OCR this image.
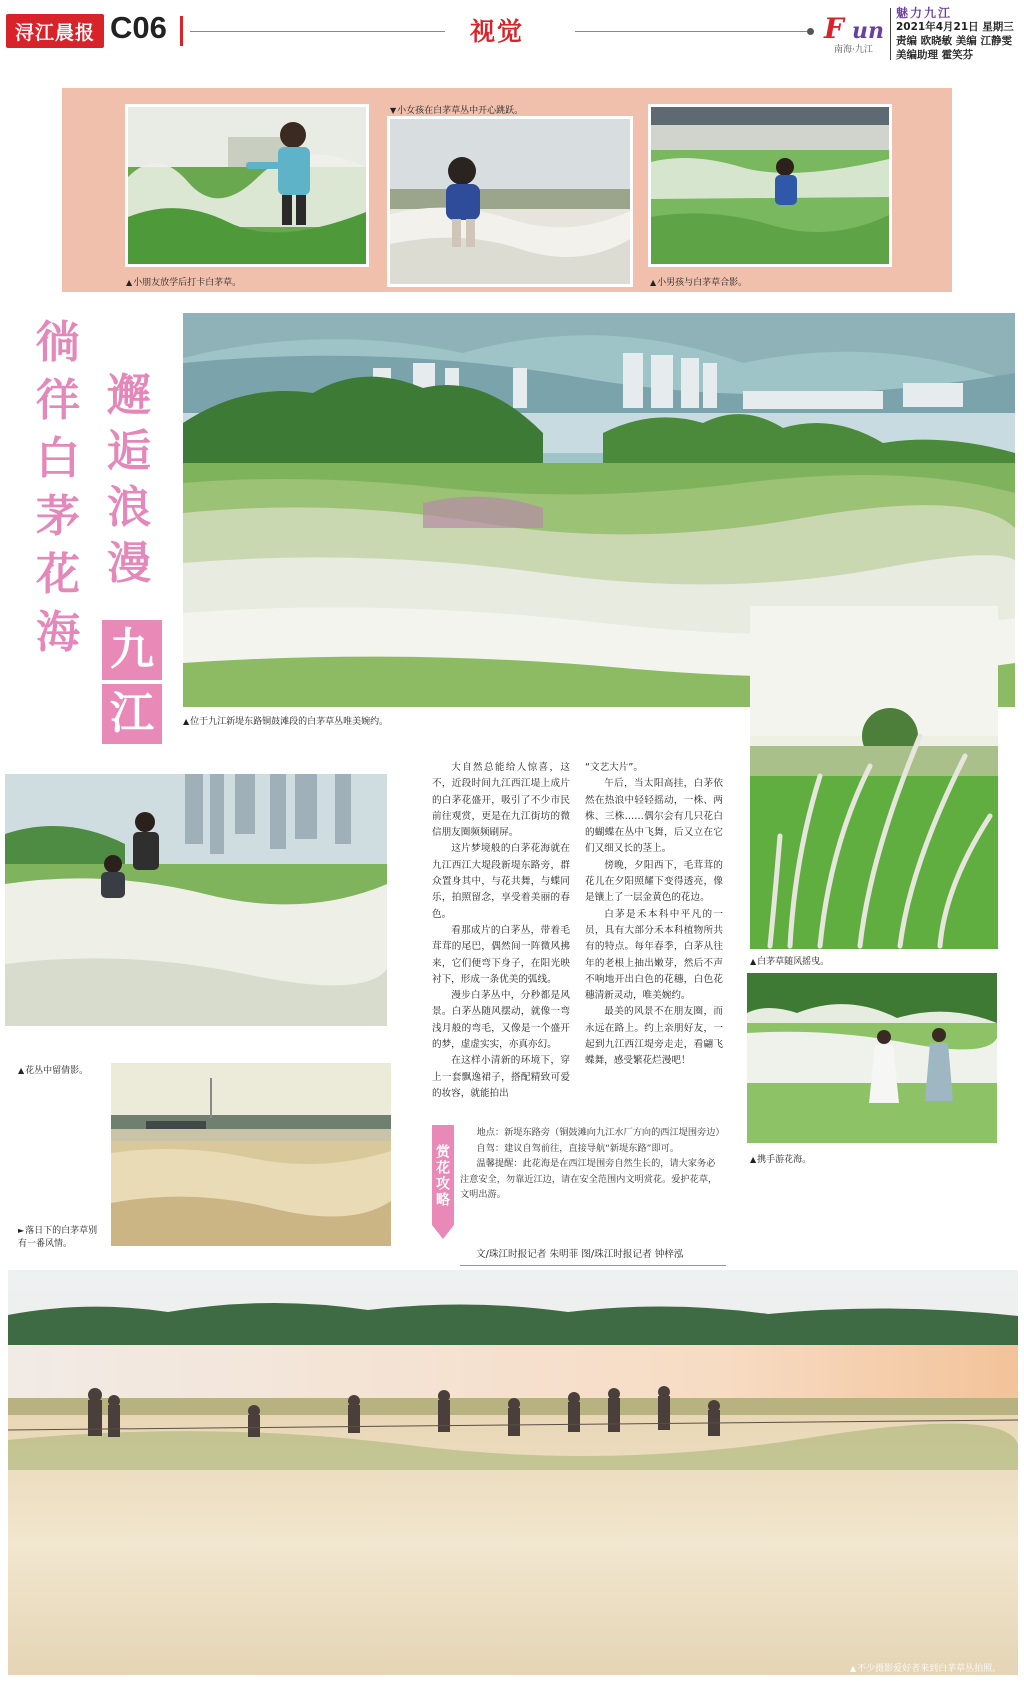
浔江晨报 C06	视觉	F un
南海·九江
魅力九江
2021年4月21日 星期三
责编 欧晓敏 美编 江静雯
美编助理 霍笑芬
▲ 小朋友放学后打卡白茅草。
▼ 小女孩在白茅草丛中开心跳跃。
▲ 小男孩与白茅草合影。
徜徉白茅花海
邂逅浪漫
九
江
▲	位于九江新堤东路铜鼓滩段的白茅草丛唯美婉约。
▲ 白茅草随风摇曳。
▲ 携手游花海。
▲ 花丛中留倩影。
► 落日下的白茅草别有一番风情。

大自然总能给人惊喜，这不，近段时间九江西江堤上成片的白茅花盛开，吸引了不少市民前往观赏，更是在九江街坊的微信朋友圈频频刷屏。

这片梦境般的白茅花海就在九江西江大堤段新堤东路旁，群众置身其中，与花共舞，与蝶同乐，拍照留念，享受着美丽的春色。

看那成片的白茅丛，带着毛茸茸的尾巴，偶然间一阵微风拂来，它们便弯下身子，在阳光映衬下，形成一条优美的弧线。

漫步白茅丛中，分秒都是风景。白茅丛随风摆动，就像一弯浅月般的弯毛，又像是一个盛开的梦，虚虚实实，亦真亦幻。

在这样小清新的环境下，穿上一套飘逸裙子，搭配精致可爱的妆容，就能拍出

“文艺大片”。

午后，当太阳高挂，白茅依然在热浪中轻轻摇动，一株、两株、三株……偶尔会有几只花白的蝴蝶在丛中飞舞，后又立在它们又细又长的茎上。

傍晚，夕阳西下，毛茸茸的花儿在夕阳照耀下变得透亮，像是镶上了一层金黄色的花边。

白茅是禾本科中平凡的一员，具有大部分禾本科植物所共有的特点。每年春季，白茅从往年的老根上抽出嫩芽，然后不声不响地开出白色的花穗，白色花穗清新灵动，唯美婉约。

最美的风景不在朋友圈，而永远在路上。约上亲朋好友，一起到九江西江堤旁走走，看翩飞蝶舞，感受繁花烂漫吧！

赏花攻略

地点：新堤东路旁（铜鼓滩向九江水厂方向的西江堤围旁边）

自驾：建议自驾前往，直接导航“新堤东路”即可。

温馨提醒：此花海是在西江堤围旁自然生长的，请大家务必注意安全，勿靠近江边，请在安全范围内文明赏花。爱护花草，文明出游。

文/珠江时报记者 朱明菲 图/珠江时报记者 钟梓泓
▲ 不少摄影爱好者来到白茅草丛拍照。
